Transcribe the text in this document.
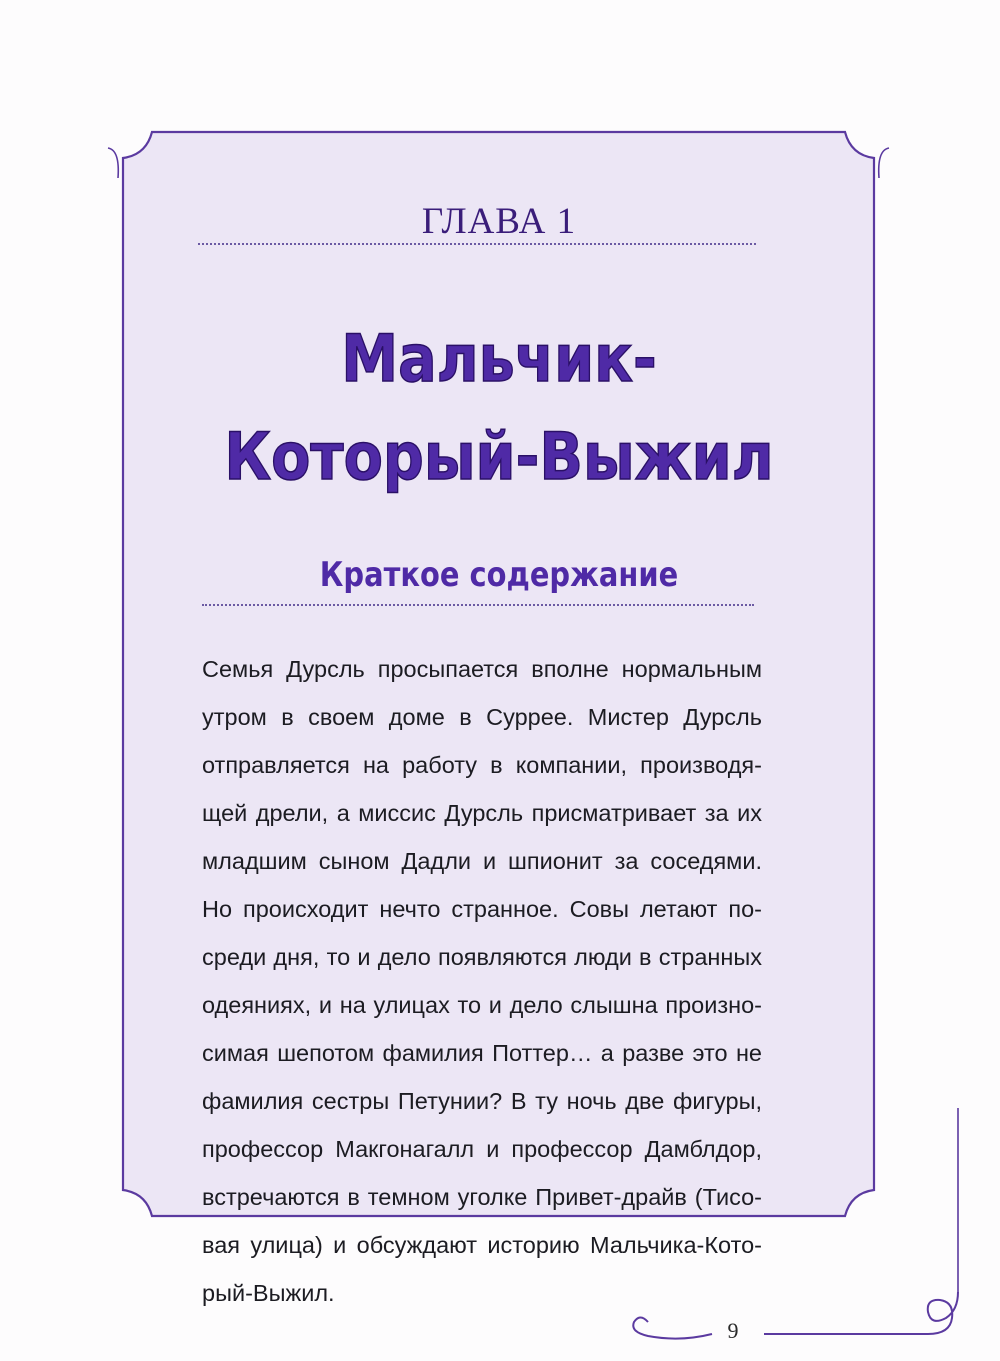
ГЛАВА 1
Мальчик-
Который-Выжил
Краткое содержание
Семья Дурсль просыпается вполне нормальным
утром в своем доме в Суррее. Мистер Дурсль
отправляется на работу в компании, производя-
щей дрели, а миссис Дурсль присматривает за их
младшим сыном Дадли и шпионит за соседями.
Но происходит нечто странное. Совы летают по-
среди дня, то и дело появляются люди в странных
одеяниях, и на улицах то и дело слышна произно-
симая шепотом фамилия Поттер… а разве это не
фамилия сестры Петунии? В ту ночь две фигуры,
профессор Макгонагалл и профессор Дамблдор,
встречаются в темном уголке Привет-драйв (Тисо-
вая улица) и обсуждают историю Мальчика-Кото-
рый-Выжил.
9
